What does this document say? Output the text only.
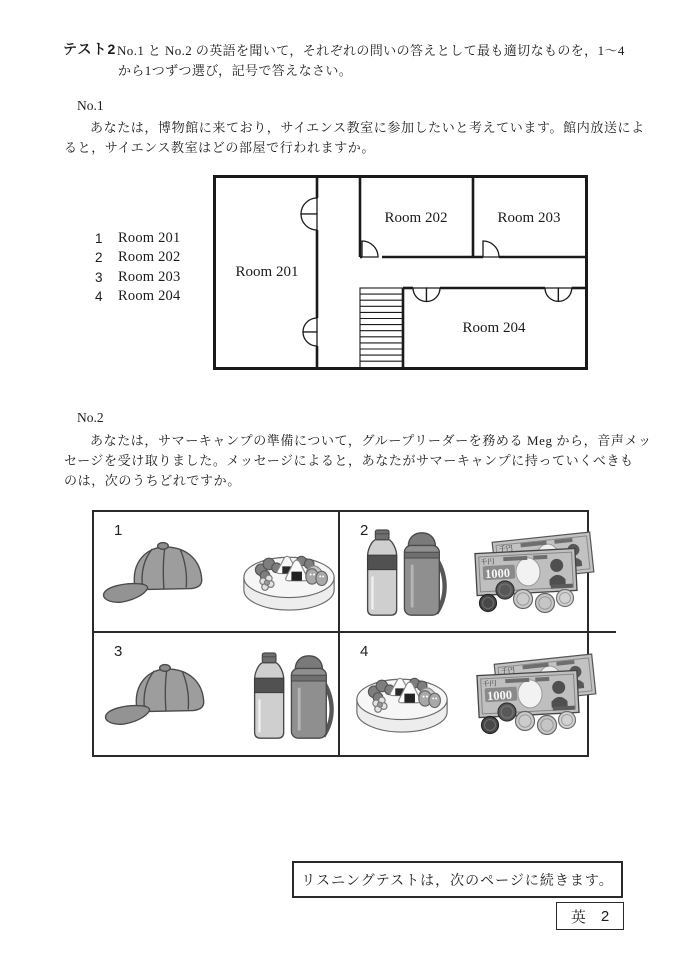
テスト2 No.1 と No.2 の英語を聞いて，それぞれの問いの答えとして最も適切なものを，1～4
から1つずつ選び，記号で答えなさい。
No.1
あなたは，博物館に来ており，サイエンス教室に参加したいと考えています。館内放送によ
ると，サイエンス教室はどの部屋で行われますか。
1	Room 201
2	Room 202
3	Room 203
4	Room 204
Room 201
Room 202	Room 203
Room 204
No.2
あなたは，サマーキャンプの準備について，グループリーダーを務める Meg から，音声メッ
セージを受け取りました。メッセージによると，あなたがサマーキャンプに持っていくべきも
のは，次のうちどれですか。
1	2
千円
1000
千円
3	4
千円
1000
千円
リスニングテストは，次のページに続きます。
英 2
